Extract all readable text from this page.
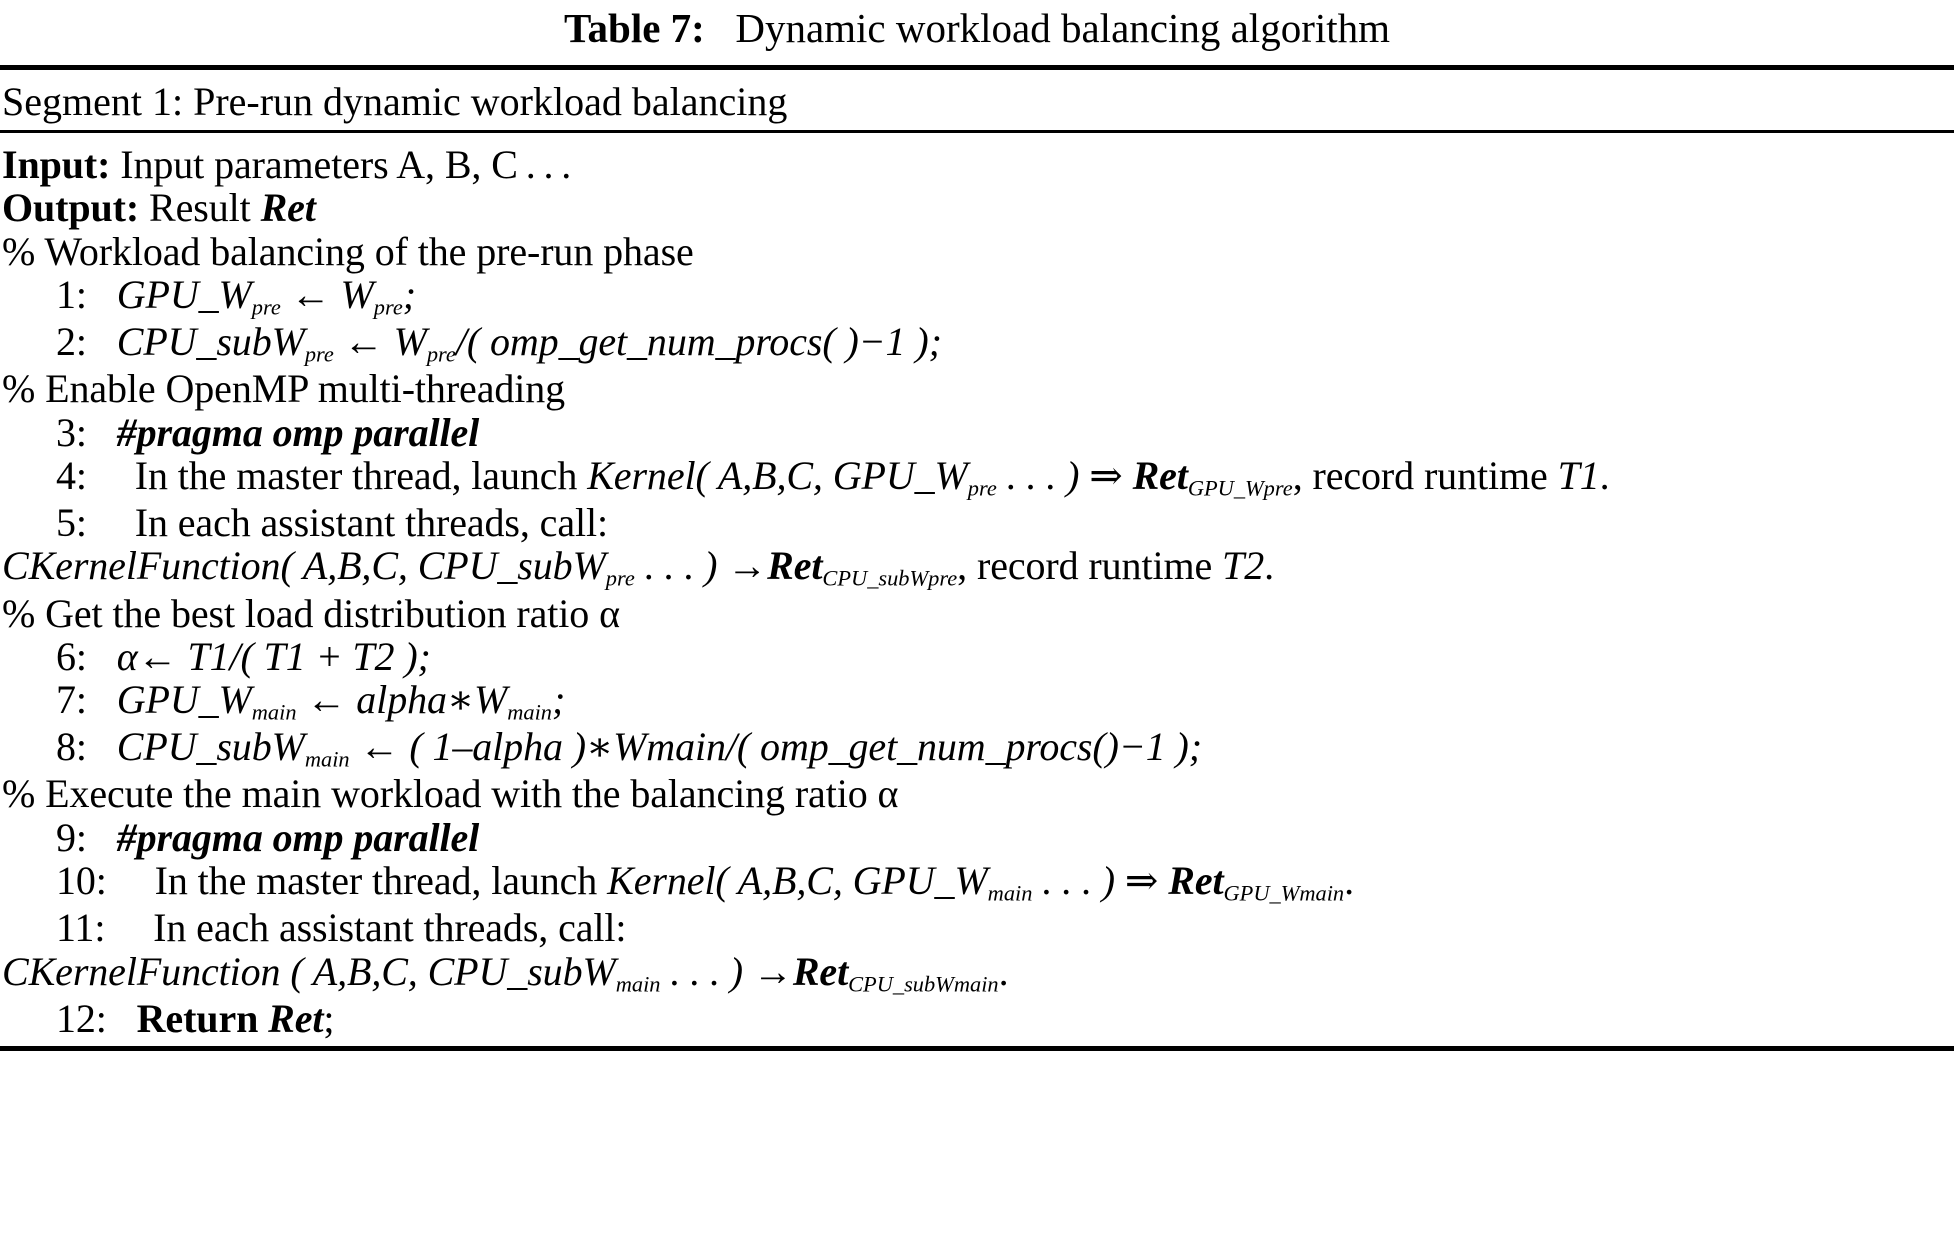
Table 7: Dynamic workload balancing algorithm
Segment 1: Pre-run dynamic workload balancing
Input: Input parameters A, B, C . . .
Output: Result Ret
% Workload balancing of the pre-run phase
1: $GPU\_W_{pre}$ ← $W_{pre}$;
2: CPU_subW$_{pre}$ ← $W_{pre}/$( omp_get_num_procs( )−1 );
% Enable OpenMP multi-threading
3: #pragma omp parallel
4: In the master thread, launch Kernel( A,B,C, $GPU\_W_{pre}$ . . . ) ⇒ Ret$_{GPU\_Wpre}$, record runtime T1.
5: In each assistant threads, call:
CKernelFunction( A,B,C, CPU_subW$_{pre}$ . . . ) →Ret$_{CPU\_subWpre}$, record runtime T2.
% Get the best load distribution ratio α
6: α← T1/( T1 + T2 );
7: $GPU\_W_{main}$ ← $alpha∗W_{main}$;
8: CPU_subW$_{main}$ ← ( 1–alpha )∗Wmain/( omp_get_num_procs()−1 );
% Execute the main workload with the balancing ratio α
9: #pragma omp parallel
10: In the master thread, launch Kernel( A,B,C, $GPU\_W_{main}$ . . . ) ⇒ Ret$_{GPU\_Wmain}$.
11: In each assistant threads, call:
CKernelFunction ( A,B,C, CPU_subW$_{main}$ . . . ) →Ret$_{CPU\_subWmain}$.
12: Return Ret;
